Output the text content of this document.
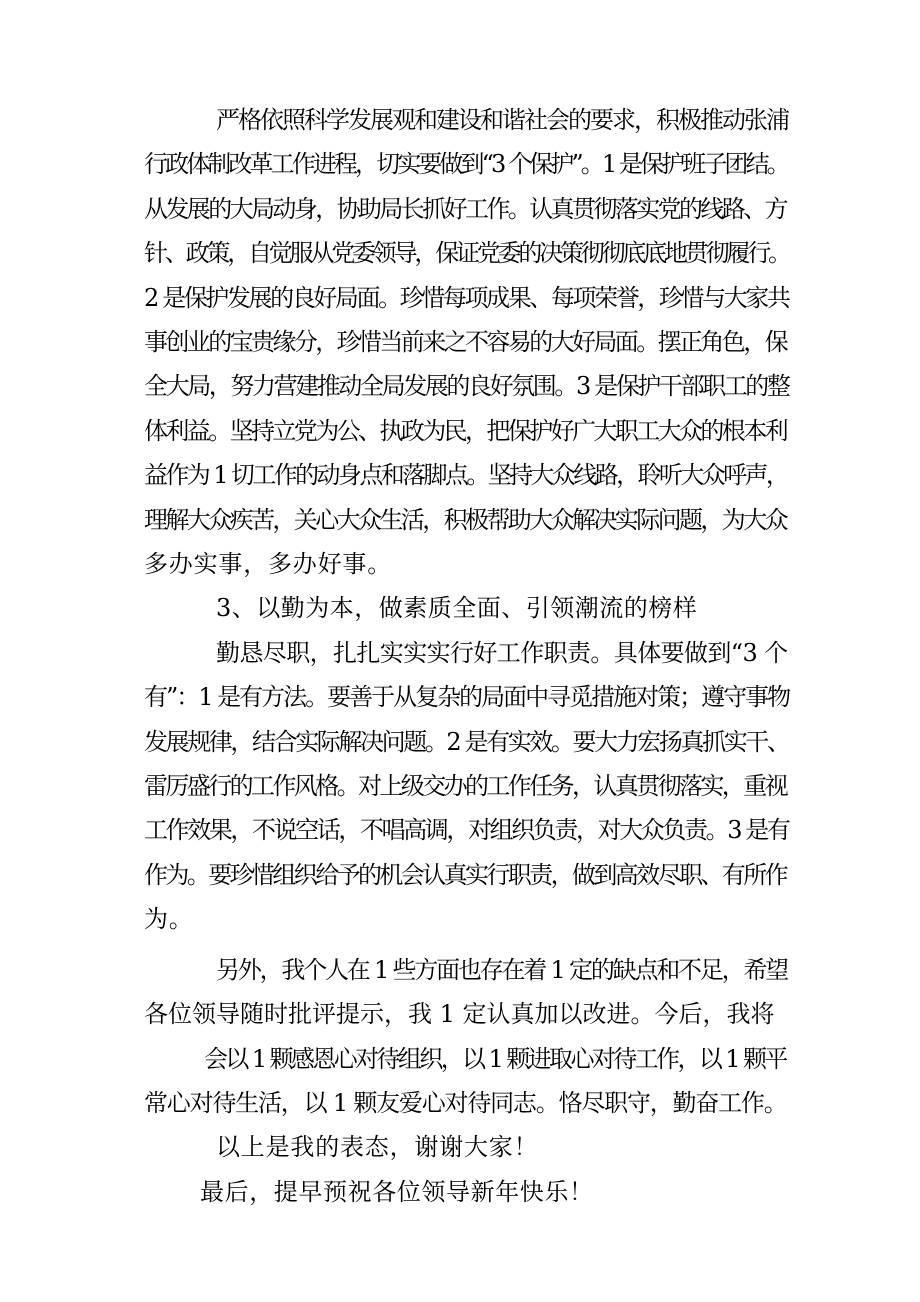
严格依照科学发展观和建设和谐社会的要求，积极推动张浦

行政体制改革工作进程，切实要做到“3 个保护”。1 是保护班子团结。

从发展的大局动身，协助局长抓好工作。认真贯彻落实党的线路、方

针、政策，自觉服从党委领导，保证党委的决策彻彻底底地贯彻履行。

2 是保护发展的良好局面。珍惜每项成果、每项荣誉，珍惜与大家共

事创业的宝贵缘分，珍惜当前来之不容易的大好局面。摆正角色，保

全大局，努力营建推动全局发展的良好氛围。3 是保护干部职工的整

体利益。坚持立党为公、执政为民，把保护好广大职工大众的根本利

益作为 1 切工作的动身点和落脚点。坚持大众线路，聆听大众呼声，

理解大众疾苦，关心大众生活，积极帮助大众解决实际问题，为大众

多办实事，多办好事。

3、以勤为本，做素质全面、引领潮流的榜样

勤恳尽职，扎扎实实实行好工作职责。具体要做到“3 个

有”：1 是有方法。要善于从复杂的局面中寻觅措施对策；遵守事物

发展规律，结合实际解决问题。2 是有实效。要大力宏扬真抓实干、

雷厉盛行的工作风格。对上级交办的工作任务，认真贯彻落实，重视

工作效果，不说空话，不唱高调，对组织负责，对大众负责。3 是有

作为。要珍惜组织给予的机会认真实行职责，做到高效尽职、有所作

为。

另外，我个人在 1 些方面也存在着 1 定的缺点和不足，希望

各位领导随时批评提示，我 1 定认真加以改进。今后，我将

会以 1 颗感恩心对待组织，以 1 颗进取心对待工作，以 1 颗平

常心对待生活，以 1 颗友爱心对待同志。恪尽职守，勤奋工作。

以上是我的表态，谢谢大家！

最后，提早预祝各位领导新年快乐！
